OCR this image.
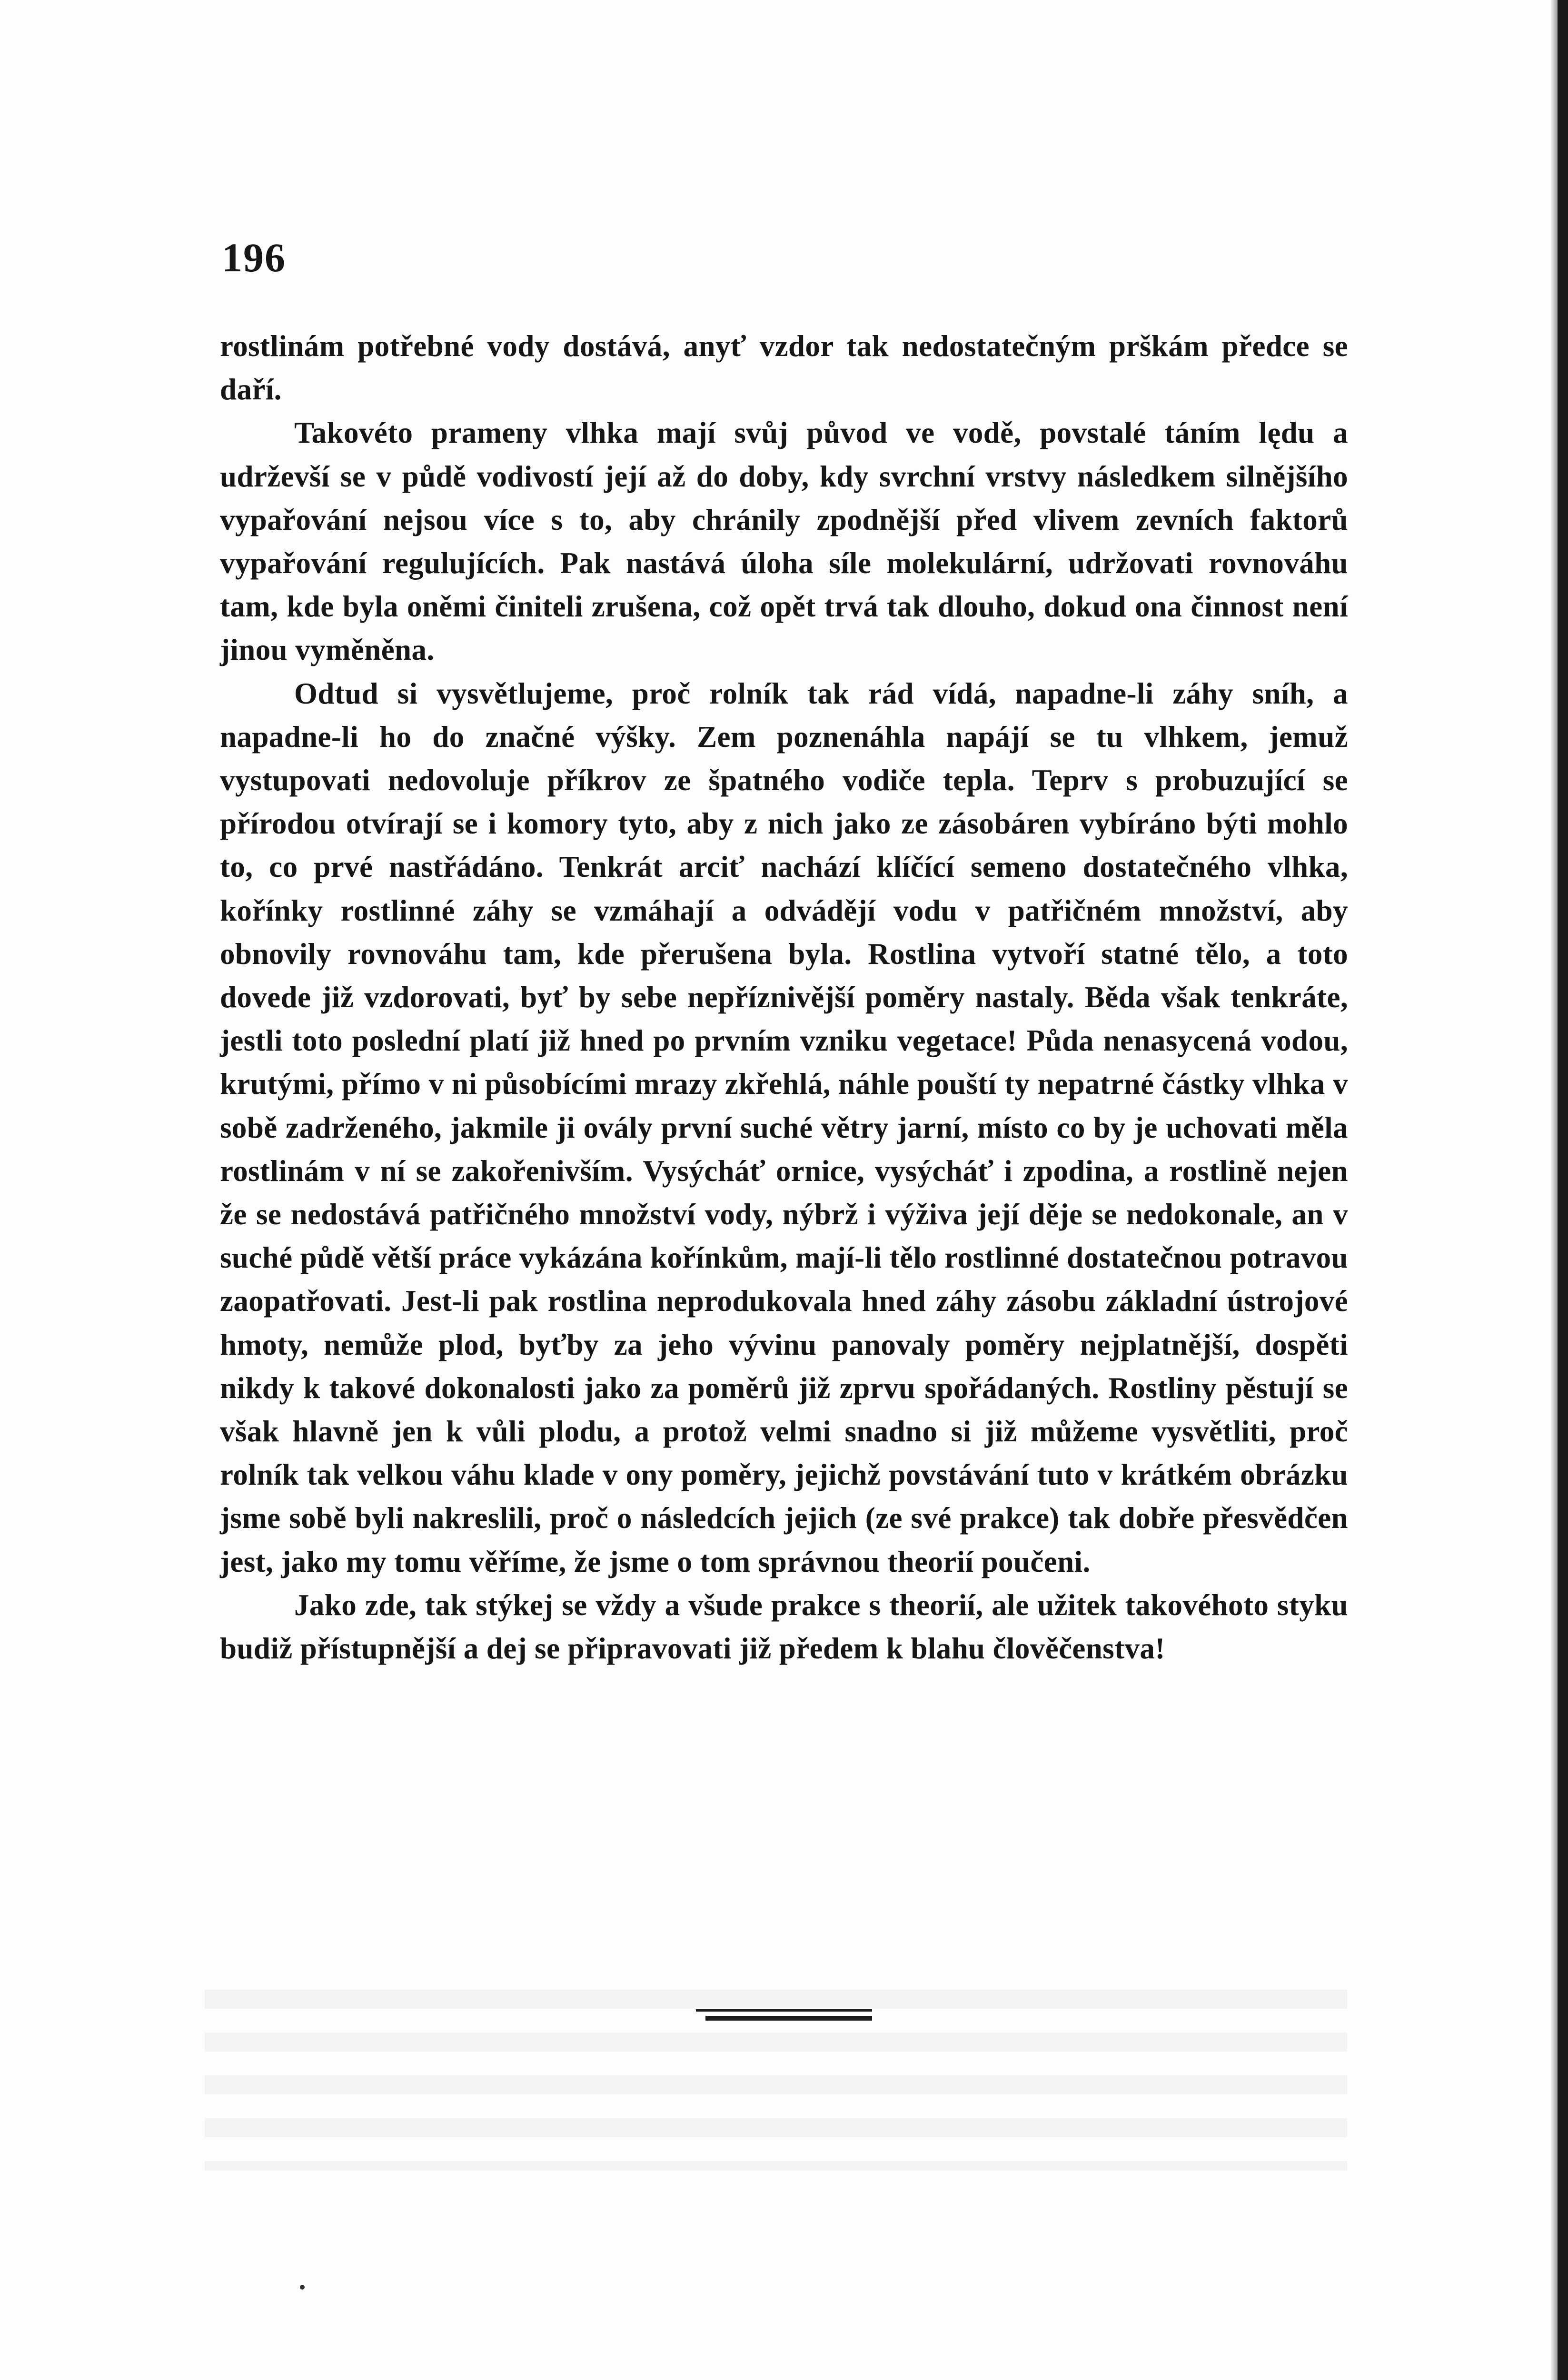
196

rostlinám potřebné vody dostává, anyť vzdor tak nedostatečným prškám předce se daří.

Takovéto prameny vlhka mají svůj původ ve vodě, povstalé táním lędu a udrževší se v půdě vodivostí její až do doby, kdy svrchní vrstvy následkem silnějšího vypařování nejsou více s to, aby chránily zpodnější před vlivem zevních faktorů vypařování regulujících. Pak nastává úloha síle molekulární, udržovati rovnováhu tam, kde byla oněmi činiteli zrušena, což opět trvá tak dlouho, dokud ona činnost není jinou vyměněna.

Odtud si vysvětlujeme, proč rolník tak rád vídá, napadne-li záhy sníh, a napadne-li ho do značné výšky. Zem poznenáhla napájí se tu vlhkem, jemuž vystupovati nedovoluje příkrov ze špatného vodiče tepla. Teprv s probuzující se přírodou otvírají se i komory tyto, aby z nich jako ze zásobáren vybíráno býti mohlo to, co prvé nastřádáno. Tenkrát arciť nachází klíčící semeno dostatečného vlhka, kořínky rostlinné záhy se vzmáhají a odvádějí vodu v patřičném množství, aby obnovily rovnováhu tam, kde přerušena byla. Rostlina vytvoří statné tělo, a toto dovede již vzdorovati, byť by sebe nepříznivější poměry nastaly. Běda však tenkráte, jestli toto poslední platí již hned po prvním vzniku vegetace! Půda nenasycená vodou, krutými, přímo v ni působícími mrazy zkřehlá, náhle pouští ty nepatrné částky vlhka v sobě zadrženého, jakmile ji ovály první suché větry jarní, místo co by je uchovati měla rostlinám v ní se zakořenivším. Vysýcháť ornice, vysýcháť i zpodina, a rostlině nejen že se nedostává patřičného množství vody, nýbrž i výživa její děje se nedokonale, an v suché půdě větší práce vykázána kořínkům, mají-li tělo rostlinné dostatečnou potravou zaopatřovati. Jest-li pak rostlina neprodukovala hned záhy zásobu základní ústrojové hmoty, nemůže plod, byťby za jeho vývinu panovaly poměry nejplatnější, dospěti nikdy k takové dokonalosti jako za poměrů již zprvu spořádaných. Rostliny pěstují se však hlavně jen k vůli plodu, a protož velmi snadno si již můžeme vysvětliti, proč rolník tak velkou váhu klade v ony poměry, jejichž povstávání tuto v krátkém obrázku jsme sobě byli nakreslili, proč o následcích jejich (ze své prakce) tak dobře přesvědčen jest, jako my tomu věříme, že jsme o tom správnou theorií poučeni.

Jako zde, tak stýkej se vždy a všude prakce s theorií, ale užitek takovéhoto styku budiž přístupnější a dej se připravovati již předem k blahu člověčenstva!
